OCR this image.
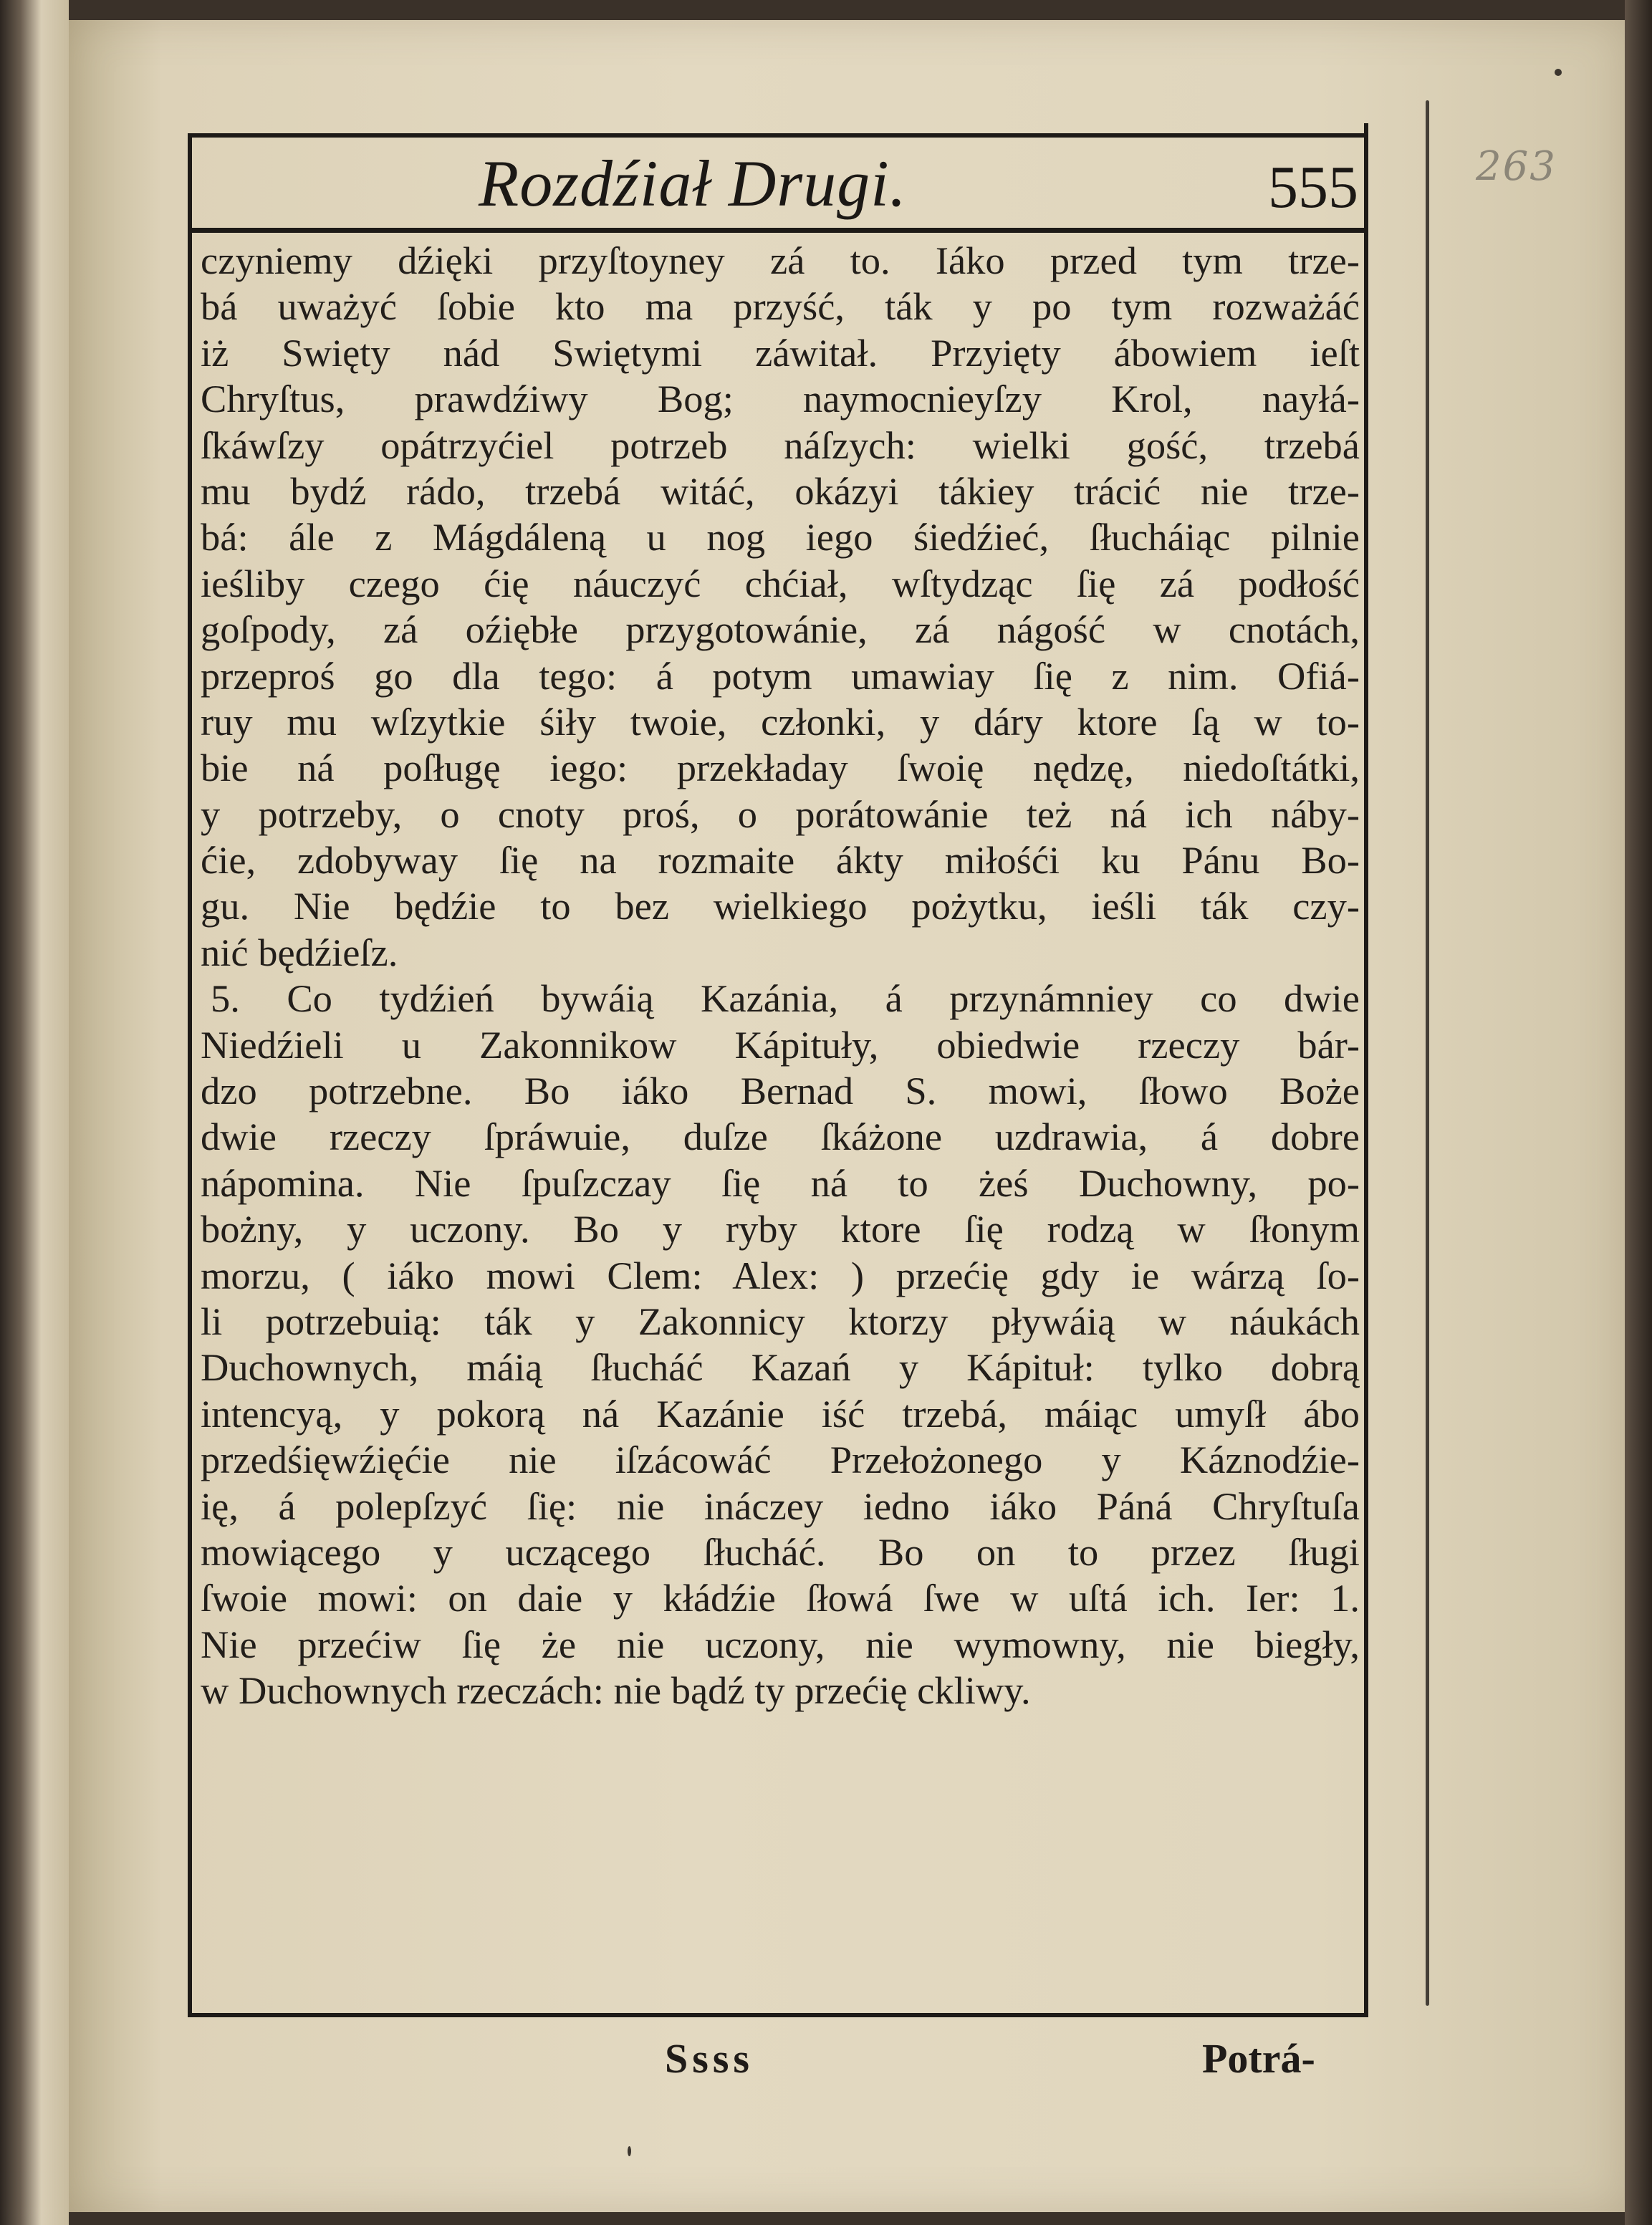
263
Rozdźiał Drugi.	555
czyniemy dźięki przyſtoyney zá to. Iáko przed tym trze-
bá uważyć ſobie kto ma przyść, ták y po tym rozważáć
iż Swięty nád Swiętymi záwitał. Przyięty ábowiem ieſt
Chryſtus, prawdźiwy Bog; naymocnieyſzy Krol, nayłá-
ſkáwſzy opátrzyćiel potrzeb náſzych: wielki gość, trzebá
mu bydź rádo, trzebá witáć, okázyi tákiey trácić nie trze-
bá: ále z Mágdáleną u nog iego śiedźieć, ſłucháiąc pilnie
ieśliby czego ćię náuczyć chćiał, wſtydząc ſię zá podłość
goſpody, zá oźiębłe przygotowánie, zá nágość w cnotách,
przeproś go dla tego: á potym umawiay ſię z nim. Ofiá-
ruy mu wſzytkie śiły twoie, członki, y dáry ktore ſą w to-
bie ná poſługę iego: przekładay ſwoię nędzę, niedoſtátki,
y potrzeby, o cnoty proś, o porátowánie też ná ich náby-
ćie, zdobyway ſię na rozmaite ákty miłośći ku Pánu Bo-
gu. Nie będźie to bez wielkiego pożytku, ieśli ták czy-
nić będźieſz.
5. Co tydźień bywáią Kazánia, á przynámniey co dwie
Niedźieli u Zakonnikow Kápituły, obiedwie rzeczy bár-
dzo potrzebne. Bo iáko Bernad S. mowi, ſłowo Boże
dwie rzeczy ſpráwuie, duſze ſkáżone uzdrawia, á dobre
nápomina. Nie ſpuſzczay ſię ná to żeś Duchowny, po-
bożny, y uczony. Bo y ryby ktore ſię rodzą w ſłonym
morzu, ( iáko mowi Clem: Alex: ) przećię gdy ie wárzą ſo-
li potrzebuią: ták y Zakonnicy ktorzy pływáią w náukách
Duchownych, máią ſłucháć Kazań y Kápituł: tylko dobrą
intencyą, y pokorą ná Kazánie iść trzebá, máiąc umyſł ábo
przedśięwźięćie nie iſzácowáć Przełożonego y Káznodźie-
ię, á polepſzyć ſię: nie ináczey iedno iáko Páná Chryſtuſa
mowiącego y uczącego ſłucháć. Bo on to przez ſługi
ſwoie mowi: on daie y kłádźie ſłowá ſwe w uſtá ich. Ier: 1.
Nie przećiw ſię że nie uczony, nie wymowny, nie biegły,
w Duchownych rzeczách: nie bądź ty przećię ckliwy.
Ssss	Potrá-
